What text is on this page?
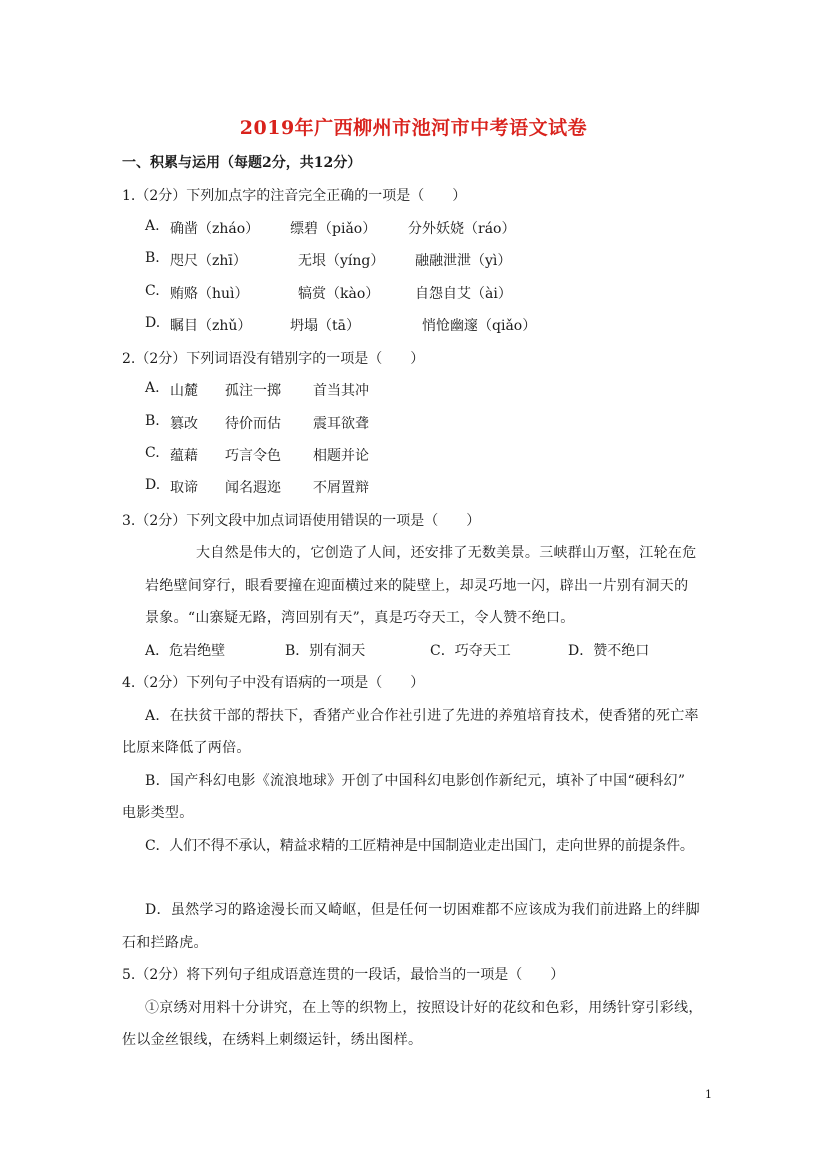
2019年广西柳州市池河市中考语文试卷
一、积累与运用（每题2分，共12分）
1.（2分）下列加点字的注音完全正确的一项是（　　）
A. 确凿（zháo） 缥碧（piǎo） 分外妖娆（ráo）
B. 咫尺（zhī）	无垠（yíng） 融融泄泄（yì）
C. 贿赂（huì）	犒赏（kào）	自怨自艾（ài）
D. 瞩目（zhǔ）	坍塌（tā）	悄怆幽邃（qiǎo）
2.（2分）下列词语没有错别字的一项是（　　）
A. 山麓 孤注一掷 首当其冲
B. 篡改 待价而估 震耳欲聋
C. 蕴藉 巧言令色 相题并论
D. 取谛 闻名遐迩 不屑置辩
3.（2分）下列文段中加点词语使用错误的一项是（　　）
大自然是伟大的，它创造了人间，还安排了无数美景。三峡群山万壑，江轮在危
岩绝壁间穿行，眼看要撞在迎面横过来的陡壁上，却灵巧地一闪，辟出一片别有洞天的
景象。“山寨疑无路，湾回别有天”，真是巧夺天工，令人赞不绝口。
A．危岩绝壁	B．别有洞天	C．巧夺天工	D．赞不绝口
4.（2分）下列句子中没有语病的一项是（　　）
A．在扶贫干部的帮扶下，香猪产业合作社引进了先进的养殖培育技术，使香猪的死亡率
比原来降低了两倍。
B．国产科幻电影《流浪地球》开创了中国科幻电影创作新纪元，填补了中国“硬科幻”
电影类型。
C．人们不得不承认，精益求精的工匠精神是中国制造业走出国门，走向世界的前提条件。
D．虽然学习的路途漫长而又崎岖，但是任何一切困难都不应该成为我们前进路上的绊脚
石和拦路虎。
5.（2分）将下列句子组成语意连贯的一段话，最恰当的一项是（　　）
①京绣对用料十分讲究，在上等的织物上，按照设计好的花纹和色彩，用绣针穿引彩线，
佐以金丝银线，在绣料上刺缀运针，绣出图样。
1
